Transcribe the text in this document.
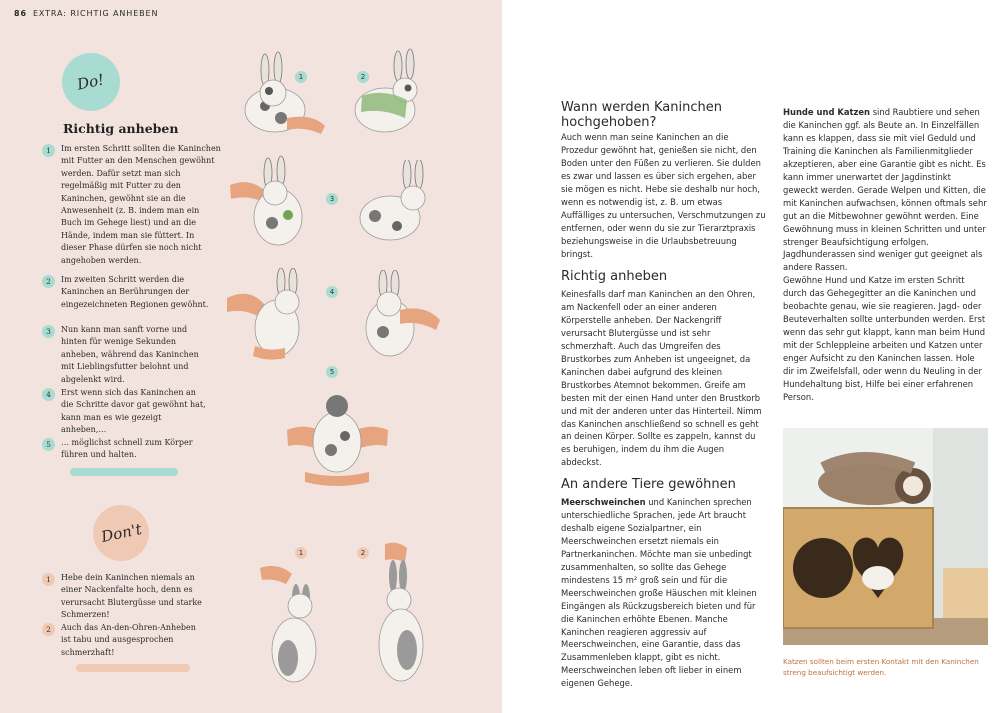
86 EXTRA: RICHTIG ANHEBEN
Do!
Richtig anheben
1	Im ersten Schritt sollten die Kaninchen mit Futter an den Menschen gewöhnt werden. Dafür setzt man sich regelmäßig mit Futter zu den Kaninchen, gewöhnt sie an die Anwesenheit (z. B. indem man ein Buch im Gehege liest) und an die Hände, indem man sie füttert. In dieser Phase dürfen sie noch nicht angehoben werden.
2	Im zweiten Schritt werden die Kaninchen an Berührungen der eingezeichneten Regionen gewöhnt.
3	Nun kann man sanft vorne und hinten für wenige Sekunden anheben, während das Kaninchen mit Lieblingsfutter belohnt und abgelenkt wird.
4	Erst wenn sich das Kaninchen an die Schritte davor gat gewöhnt hat, kann man es wie gezeigt anheben,…
5	… möglichst schnell zum Körper führen und halten.
Don't
1	Hebe dein Kaninchen niemals an einer Nackenfalte hoch, denn es verursacht Blutergüsse und starke Schmerzen!
2	Auch das An-den-Ohren-Anheben ist tabu und ausgesprochen schmerzhaft!
1	2
3
4
5
1	2
Wann werden Kaninchen hochgehoben?
Auch wenn man seine Kaninchen an die Prozedur gewöhnt hat, genießen sie nicht, den Boden unter den Füßen zu verlieren. Sie dulden es zwar und lassen es über sich ergehen, aber sie mögen es nicht. Hebe sie deshalb nur hoch, wenn es notwendig ist, z. B. um etwas Auffälliges zu untersuchen, Verschmutzungen zu entfernen, oder wenn du sie zur Tierarztpraxis beziehungsweise in die Urlaubsbetreuung bringst.
Richtig anheben
Keinesfalls darf man Kaninchen an den Ohren, am Nackenfell oder an einer anderen Körperstelle anheben. Der Nackengriff verursacht Blutergüsse und ist sehr schmerzhaft. Auch das Umgreifen des Brustkorbes zum Anheben ist ungeeignet, da Kaninchen dabei aufgrund des kleinen Brustkorbes Atemnot bekommen. Greife am besten mit der einen Hand unter den Brustkorb und mit der anderen unter das Hinterteil. Nimm das Kaninchen anschließend so schnell es geht an deinen Körper. Sollte es zappeln, kannst du es beruhigen, indem du ihm die Augen abdeckst.
An andere Tiere gewöhnen
Meerschweinchen und Kaninchen sprechen unterschiedliche Sprachen, jede Art braucht deshalb eigene Sozialpartner, ein Meerschweinchen ersetzt niemals ein Partnerkaninchen. Möchte man sie unbedingt zusammenhalten, so sollte das Gehege mindestens 15 m² groß sein und für die Meerschweinchen große Häuschen mit kleinen Eingängen als Rückzugsbereich bieten und für die Kaninchen erhöhte Ebenen. Manche Kaninchen reagieren aggressiv auf Meerschweinchen, eine Garantie, dass das Zusammenleben klappt, gibt es nicht. Meerschweinchen leben oft lieber in einem eigenen Gehege.
Hunde und Katzen sind Raubtiere und sehen die Kaninchen ggf. als Beute an. In Einzelfällen kann es klappen, dass sie mit viel Geduld und Training die Kaninchen als Familienmitglieder akzeptieren, aber eine Garantie gibt es nicht. Es kann immer unerwartet der Jagdinstinkt geweckt werden. Gerade Welpen und Kitten, die mit Kaninchen aufwachsen, können oftmals sehr gut an die Mitbewohner gewöhnt werden. Eine Gewöhnung muss in kleinen Schritten und unter strenger Beaufsichtigung erfolgen. Jagdhunderassen sind weniger gut geeignet als andere Rassen.
Gewöhne Hund und Katze im ersten Schritt durch das Gehegegitter an die Kaninchen und beobachte genau, wie sie reagieren. Jagd- oder Beuteverhalten sollte unterbunden werden. Erst wenn das sehr gut klappt, kann man beim Hund mit der Schleppleine arbeiten und Katzen unter enger Aufsicht zu den Kaninchen lassen. Hole dir im Zweifelsfall, oder wenn du Neuling in der Hundehaltung bist, Hilfe bei einer erfahrenen Person.
Katzen sollten beim ersten Kontakt mit den Kaninchen streng beaufsichtigt werden.
